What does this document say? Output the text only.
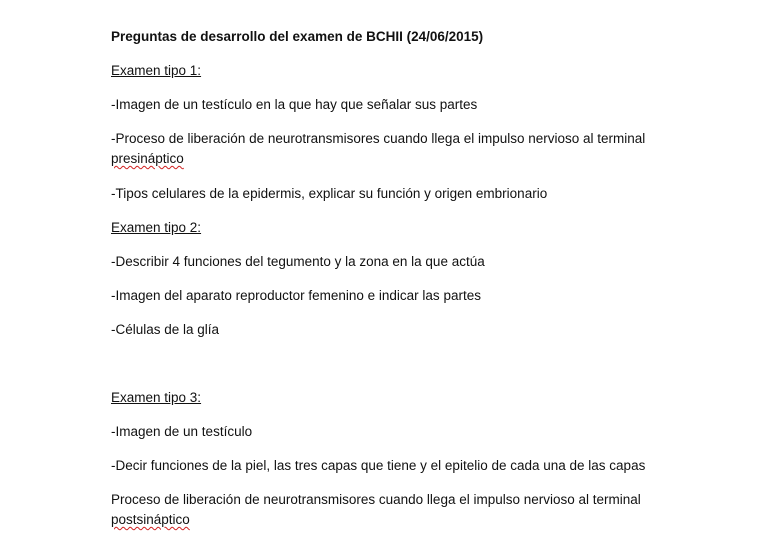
Preguntas de desarrollo del examen de BCHII (24/06/2015)
Examen tipo 1:
-Imagen de un testículo en la que hay que señalar sus partes
-Proceso de liberación de neurotransmisores cuando llega el impulso nervioso al terminal
presináptico
-Tipos celulares de la epidermis, explicar su función y origen embrionario
Examen tipo 2:
-Describir 4 funciones del tegumento y la zona en la que actúa
-Imagen del aparato reproductor femenino e indicar las partes
-Células de la glía
Examen tipo 3:
-Imagen de un testículo
-Decir funciones de la piel, las tres capas que tiene y el epitelio de cada una de las capas
Proceso de liberación de neurotransmisores cuando llega el impulso nervioso al terminal
postsináptico
